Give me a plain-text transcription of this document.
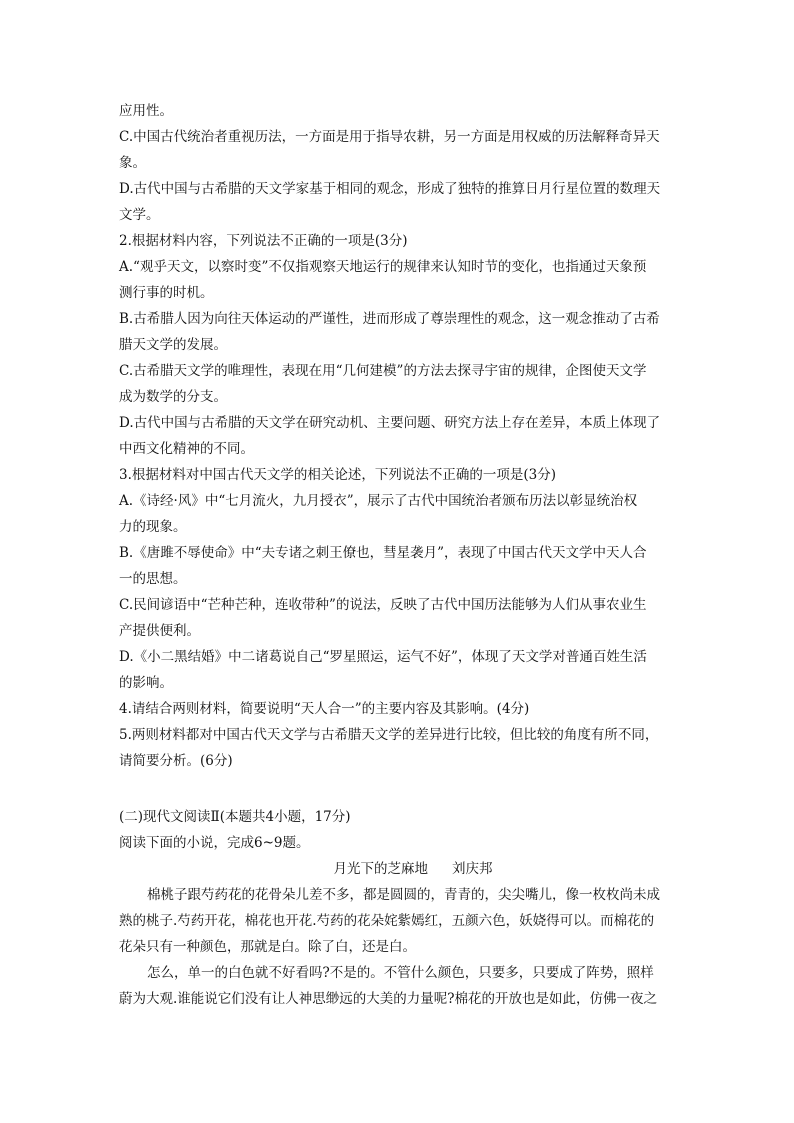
应用性。
C.中国古代统治者重视历法，一方面是用于指导农耕，另一方面是用权威的历法解释奇异天
象。
D.古代中国与古希腊的天文学家基于相同的观念，形成了独特的推算日月行星位置的数理天
文学。
2.根据材料内容，下列说法不正确的一项是(3分)
A.“观乎天文，以察时变”不仅指观察天地运行的规律来认知时节的变化，也指通过天象预
测行事的时机。
B.古希腊人因为向往天体运动的严谨性，进而形成了尊崇理性的观念，这一观念推动了古希
腊天文学的发展。
C.古希腊天文学的唯理性，表现在用“几何建模”的方法去探寻宇宙的规律，企图使天文学
成为数学的分支。
D.古代中国与古希腊的天文学在研究动机、主要问题、研究方法上存在差异，本质上体现了
中西文化精神的不同。
3.根据材料对中国古代天文学的相关论述，下列说法不正确的一项是(3分)
A.《诗经·风》中“七月流火，九月授衣”，展示了古代中国统治者颁布历法以彰显统治权
力的现象。
B.《唐雎不辱使命》中“夫专诸之刺王僚也，彗星袭月”，表现了中国古代天文学中天人合
一的思想。
C.民间谚语中“芒种芒种，连收带种”的说法，反映了古代中国历法能够为人们从事农业生
产提供便利。
D.《小二黑结婚》中二诸葛说自己“罗星照运，运气不好”，体现了天文学对普通百姓生活
的影响。
4.请结合两则材料，简要说明“天人合一”的主要内容及其影响。(4分)
5.两则材料都对中国古代天文学与古希腊天文学的差异进行比较，但比较的角度有所不同，
请简要分析。(6分)
(二)现代文阅读Ⅱ(本题共4小题，17分)
阅读下面的小说，完成6~9题。
月光下的芝麻地 刘庆邦
棉桃子跟芍药花的花骨朵儿差不多，都是圆圆的，青青的，尖尖嘴儿，像一枚枚尚未成
熟的桃子.芍药开花，棉花也开花.芍药的花朵姹紫嫣红，五颜六色，妖娆得可以。而棉花的
花朵只有一种颜色，那就是白。除了白，还是白。
怎么，单一的白色就不好看吗?不是的。不管什么颜色，只要多，只要成了阵势，照样
蔚为大观.谁能说它们没有让人神思缈远的大美的力量呢?棉花的开放也是如此，仿佛一夜之
